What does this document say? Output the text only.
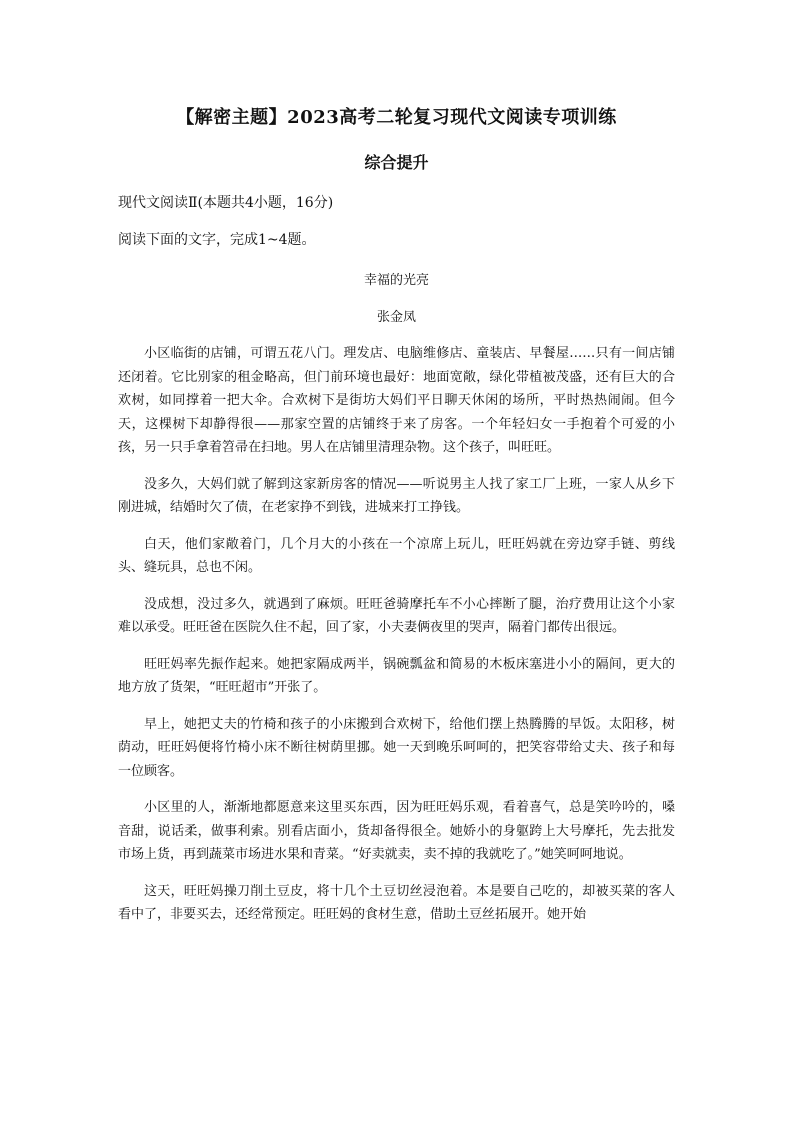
【解密主题】2023高考二轮复习现代文阅读专项训练
综合提升
现代文阅读Ⅱ(本题共4小题，16分)
阅读下面的文字，完成1~4题。
幸福的光亮
张金凤

小区临街的店铺，可谓五花八门。理发店、电脑维修店、童装店、早餐屋……只有一间店铺还闭着。它比别家的租金略高，但门前环境也最好：地面宽敞，绿化带植被茂盛，还有巨大的合欢树，如同撑着一把大伞。合欢树下是街坊大妈们平日聊天休闲的场所，平时热热闹闹。但今天，这棵树下却静得很——那家空置的店铺终于来了房客。一个年轻妇女一手抱着个可爱的小孩，另一只手拿着笤帚在扫地。男人在店铺里清理杂物。这个孩子，叫旺旺。

没多久，大妈们就了解到这家新房客的情况——听说男主人找了家工厂上班，一家人从乡下刚进城，结婚时欠了债，在老家挣不到钱，进城来打工挣钱。

白天，他们家敞着门，几个月大的小孩在一个凉席上玩儿，旺旺妈就在旁边穿手链、剪线头、缝玩具，总也不闲。

没成想，没过多久，就遇到了麻烦。旺旺爸骑摩托车不小心摔断了腿，治疗费用让这个小家难以承受。旺旺爸在医院久住不起，回了家，小夫妻俩夜里的哭声，隔着门都传出很远。

旺旺妈率先振作起来。她把家隔成两半，锅碗瓢盆和简易的木板床塞进小小的隔间，更大的地方放了货架，“旺旺超市”开张了。

早上，她把丈夫的竹椅和孩子的小床搬到合欢树下，给他们摆上热腾腾的早饭。太阳移，树荫动，旺旺妈便将竹椅小床不断往树荫里挪。她一天到晚乐呵呵的，把笑容带给丈夫、孩子和每一位顾客。

小区里的人，渐渐地都愿意来这里买东西，因为旺旺妈乐观，看着喜气，总是笑吟吟的，嗓音甜，说话柔，做事利索。别看店面小，货却备得很全。她娇小的身躯跨上大号摩托，先去批发市场上货，再到蔬菜市场进水果和青菜。“好卖就卖，卖不掉的我就吃了。”她笑呵呵地说。

这天，旺旺妈操刀削土豆皮，将十几个土豆切丝浸泡着。本是要自己吃的，却被买菜的客人看中了，非要买去，还经常预定。旺旺妈的食材生意，借助土豆丝拓展开。她开始
